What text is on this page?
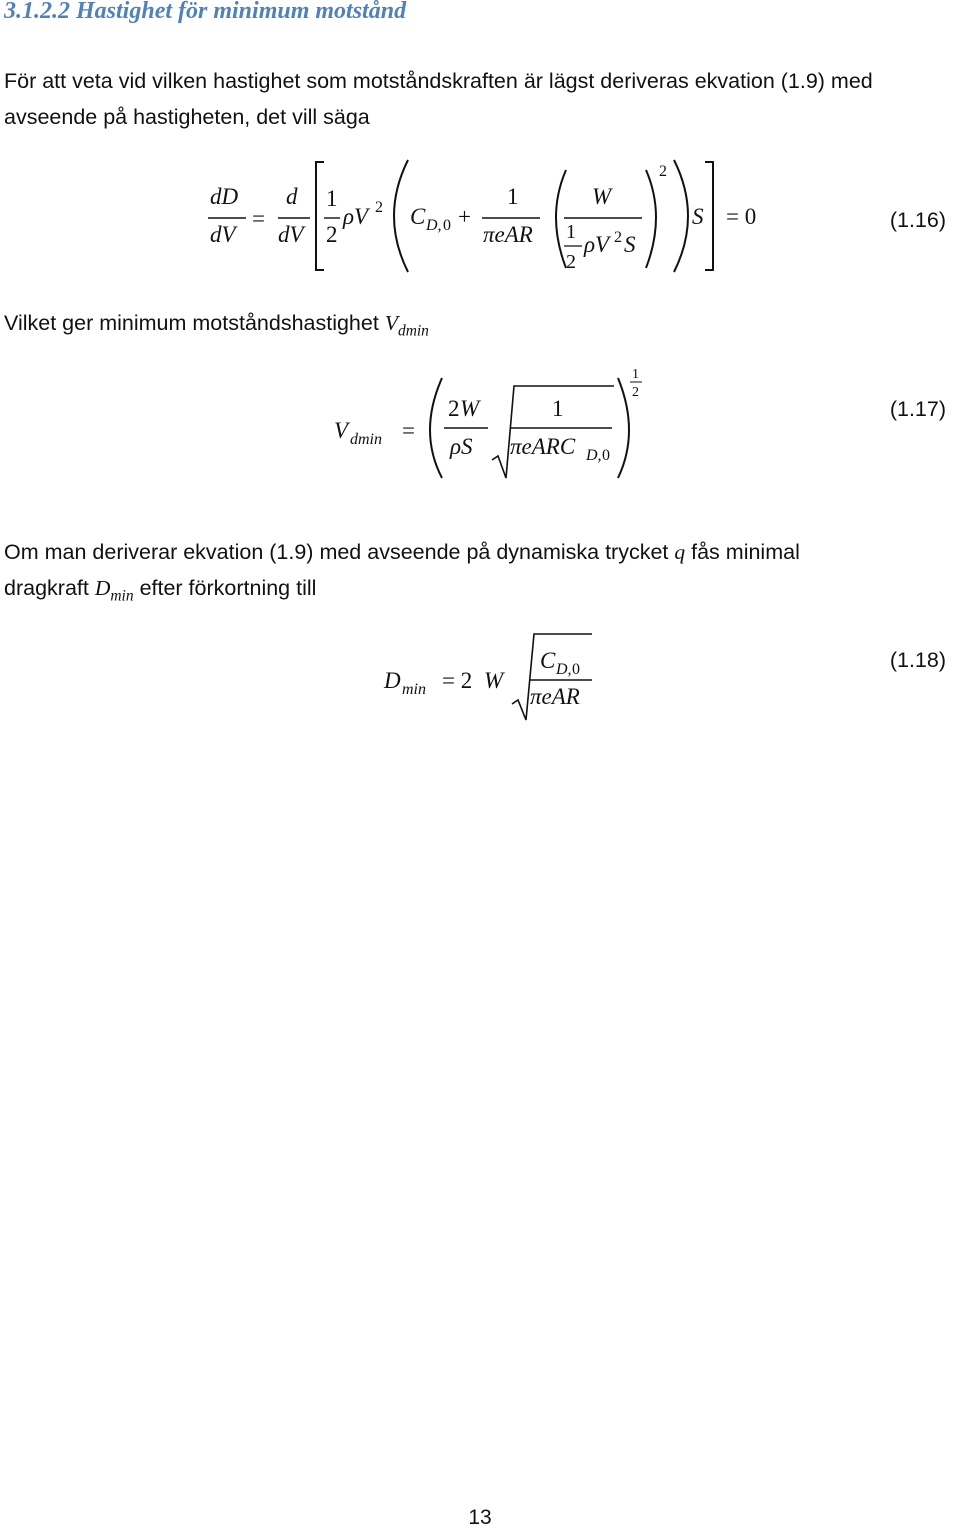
3.1.2.2 Hastighet för minimum motstånd
För att veta vid vilken hastighet som motståndskraften är lägst deriveras ekvation (1.9) med
avseende på hastigheten, det vill säga
dD
dV
=
d
dV
1
2
ρV 2 C D, 0 +
1
πeAR
W
1
2
ρV 2 S
2
S = 0	(1.16)
Vilket ger minimum motståndshastighet $V_{dmin}$
V dmin =
2 W
ρS
1
πeARC D, 0
1
2
(1.17)
Om man deriverar ekvation (1.9) med avseende på dynamiska trycket q fås minimal
dragkraft $D_{min}$ efter förkortning till
D min = 2 W
C D, 0
πeAR
(1.18)
13
